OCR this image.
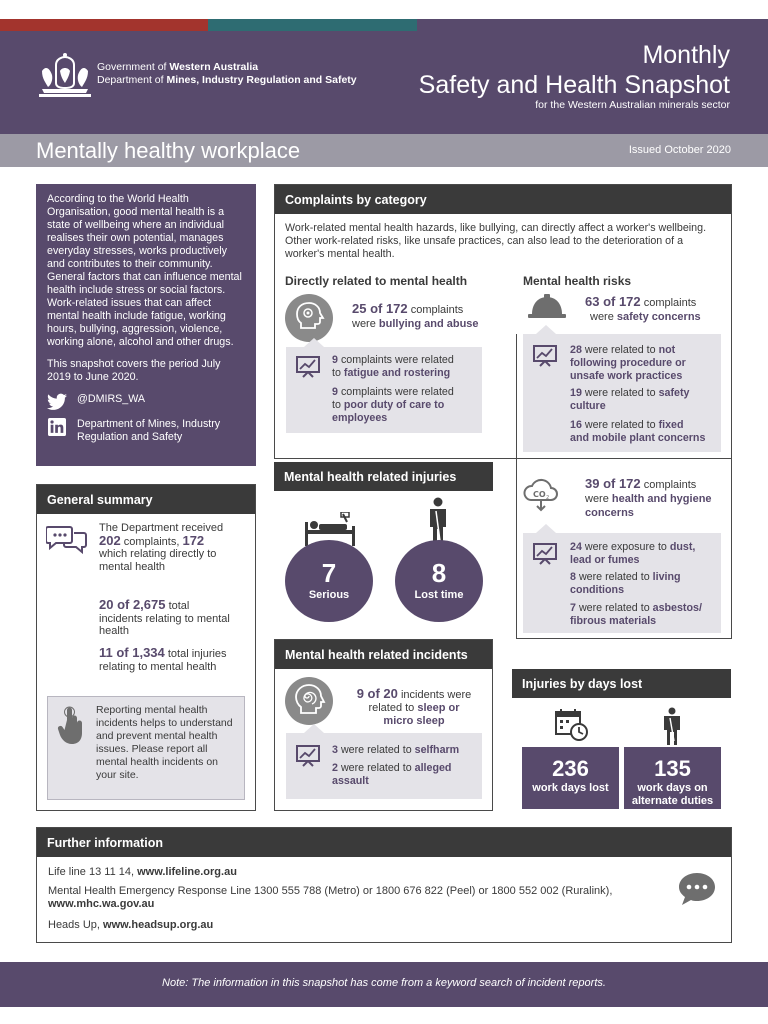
Government of Western Australia
Department of Mines, Industry Regulation and Safety
Monthly
Safety and Health Snapshot
for the Western Australian minerals sector
Mentally healthy workplace	Issued October 2020

According to the World Health Organisation, good mental health is a state of wellbeing where an individual realises their own potential, manages everyday stresses, works productively and contributes to their community. General factors that can influence mental health include stress or social factors. Work-related issues that can affect mental health include fatigue, working hours, bullying, aggression, violence, working alone, alcohol and other drugs.

This snapshot covers the period July 2019 to June 2020.

@DMIRS_WA
Department of Mines, Industry Regulation and Safety
General summary
The Department received
202 complaints, 172
which relating directly to mental health
20 of 2,675 total
incidents relating to mental health
11 of 1,334 total injuries
relating to mental health
Reporting mental health incidents helps to understand and prevent mental health issues. Please report all mental health incidents on your site.
Complaints by category
Work-related mental health hazards, like bullying, can directly affect a worker's wellbeing. Other work-related risks, like unsafe practices, can also lead to the deterioration of a worker's mental health.
Directly related to mental health	Mental health risks
25 of 172 complaints
were bullying and abuse
9 complaints were related
to fatigue and rostering
9 complaints were related
to poor duty of care to
employees
63 of 172 complaints
were safety concerns
28 were related to not
following procedure or
unsafe work practices
19 were related to safety
culture
16 were related to fixed
and mobile plant concerns
CO 2
39 of 172 complaints
were health and hygiene
concerns
24 were exposure to dust,
lead or fumes
8 were related to living
conditions
7 were related to asbestos/
fibrous materials
Mental health related injuries
7
Serious
8
Lost time
Mental health related incidents
9 of 20 incidents were
related to sleep or
micro sleep
3 were related to selfharm
2 were related to alleged
assault
Injuries by days lost
236
work days lost
135
work days on
alternate duties
Further information
Life line 13 11 14, www.lifeline.org.au
Mental Health Emergency Response Line 1300 555 788 (Metro) or 1800 676 822 (Peel) or 1800 552 002 (Ruralink),
www.mhc.wa.gov.au
Heads Up, www.headsup.org.au
Note: The information in this snapshot has come from a keyword search of incident reports.
